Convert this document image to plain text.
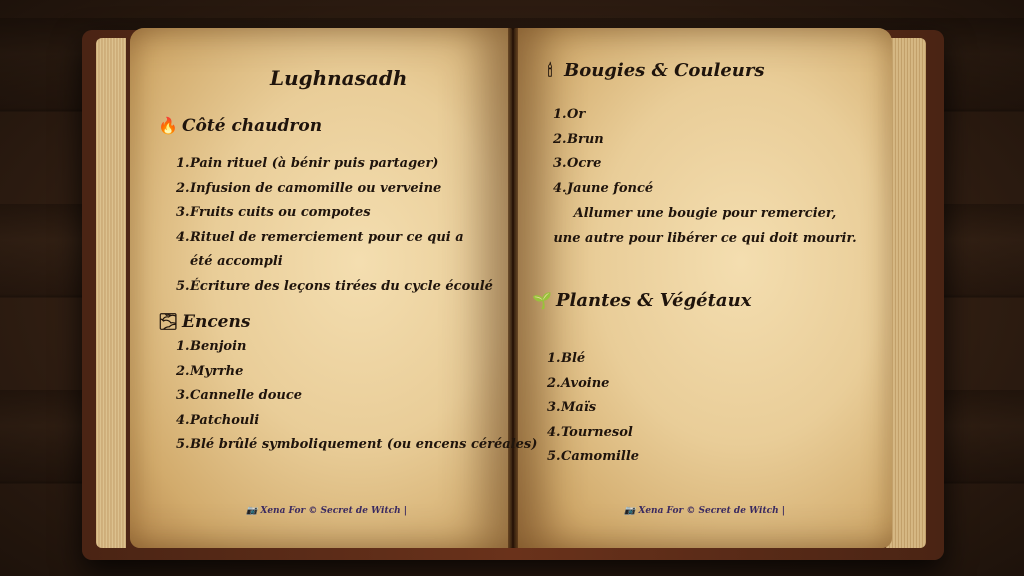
Lughnasadh
🔥 Côté chaudron
1.Pain rituel (à bénir puis partager)
2.Infusion de camomille ou verveine
3.Fruits cuits ou compotes
4.Rituel de remerciement pour ce qui a été accompli
5.Écriture des leçons tirées du cycle écoulé
🌫 Encens
1.Benjoin
2.Myrrhe
3.Cannelle douce
4.Patchouli
5.Blé brûlé symboliquement (ou encens céréales)
📷 Xena For © Secret de Witch |
🕯 Bougies & Couleurs
1.Or
2.Brun
3.Ocre
4.Jaune foncé
Allumer une bougie pour remercier,
une autre pour libérer ce qui doit mourir.
🌱 Plantes & Végétaux
1.Blé
2.Avoine
3.Maïs
4.Tournesol
5.Camomille
📷 Xena For © Secret de Witch |
